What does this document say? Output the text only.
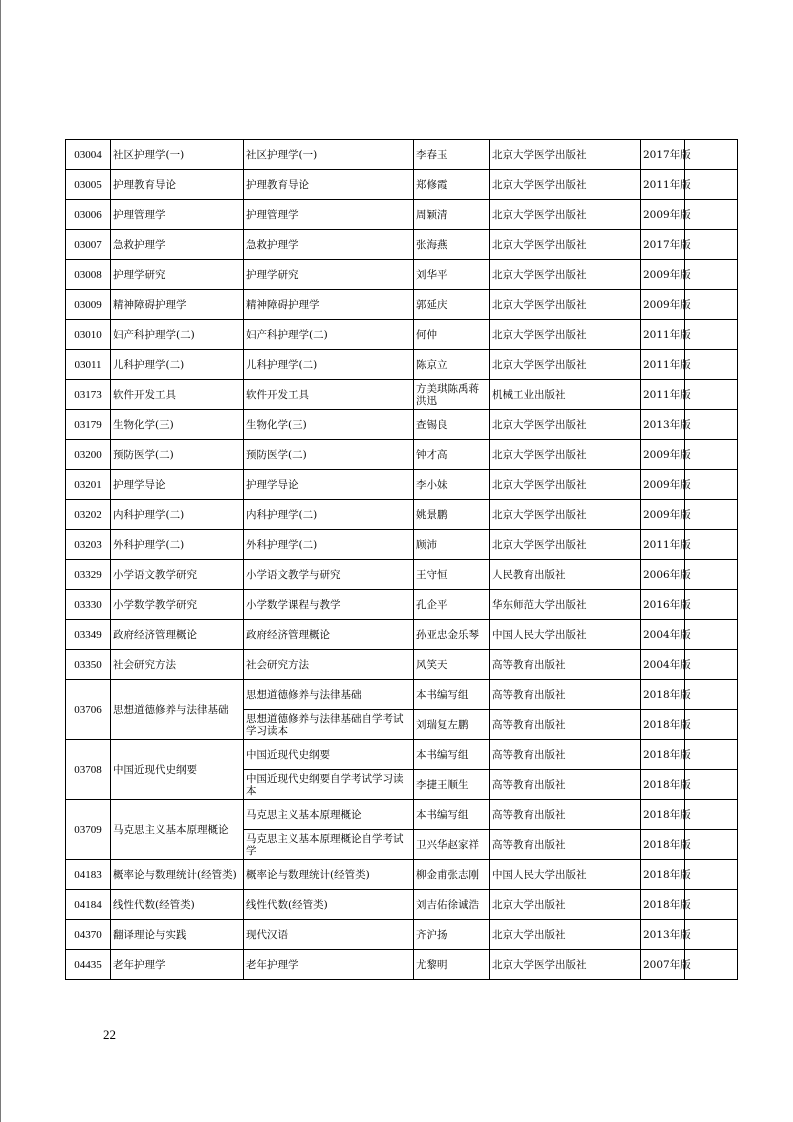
03004	社区护理学(一)	社区护理学(一)	李春玉	北京大学医学出版社	2017年版	
03005	护理教育导论	护理教育导论	郑修霞	北京大学医学出版社	2011年版	
03006	护理管理学	护理管理学	周颖清	北京大学医学出版社	2009年版	
03007	急救护理学	急救护理学	张海燕	北京大学医学出版社	2017年版	
03008	护理学研究	护理学研究	刘华平	北京大学医学出版社	2009年版	
03009	精神障碍护理学	精神障碍护理学	郭延庆	北京大学医学出版社	2009年版	
03010	妇产科护理学(二)	妇产科护理学(二)	何仲	北京大学医学出版社	2011年版	
03011	儿科护理学(二)	儿科护理学(二)	陈京立	北京大学医学出版社	2011年版	
03173	软件开发工具	软件开发工具	方美琪陈禹蒋洪迅	机械工业出版社	2011年版	
03179	生物化学(三)	生物化学(三)	查锡良	北京大学医学出版社	2013年版	
03200	预防医学(二)	预防医学(二)	钟才高	北京大学医学出版社	2009年版	
03201	护理学导论	护理学导论	李小妹	北京大学医学出版社	2009年版	
03202	内科护理学(二)	内科护理学(二)	姚景鹏	北京大学医学出版社	2009年版	
03203	外科护理学(二)	外科护理学(二)	顾沛	北京大学医学出版社	2011年版	
03329	小学语文教学研究	小学语文教学与研究	王守恒	人民教育出版社	2006年版	
03330	小学数学教学研究	小学数学课程与教学	孔企平	华东师范大学出版社	2016年版	
03349	政府经济管理概论	政府经济管理概论	孙亚忠金乐琴	中国人民大学出版社	2004年版	
03350	社会研究方法	社会研究方法	风笑天	高等教育出版社	2004年版	
03706	思想道德修养与法律基础	思想道德修养与法律基础	本书编写组	高等教育出版社	2018年版	
		思想道德修养与法律基础自学考试学习读本	刘瑞复左鹏	高等教育出版社	2018年版	
03708	中国近现代史纲要	中国近现代史纲要	本书编写组	高等教育出版社	2018年版	
		中国近现代史纲要自学考试学习读本	李捷王顺生	高等教育出版社	2018年版	
03709	马克思主义基本原理概论	马克思主义基本原理概论	本书编写组	高等教育出版社	2018年版	
		马克思主义基本原理概论自学考试学	卫兴华赵家祥	高等教育出版社	2018年版	
04183	概率论与数理统计(经管类)	概率论与数理统计(经管类)	柳金甫张志刚	中国人民大学出版社	2018年版	
04184	线性代数(经管类)	线性代数(经管类)	刘吉佑徐诚浩	北京大学出版社	2018年版	
04370	翻译理论与实践	现代汉语	齐沪扬	北京大学出版社	2013年版	
04435	老年护理学	老年护理学	尤黎明	北京大学医学出版社	2007年版	
22
